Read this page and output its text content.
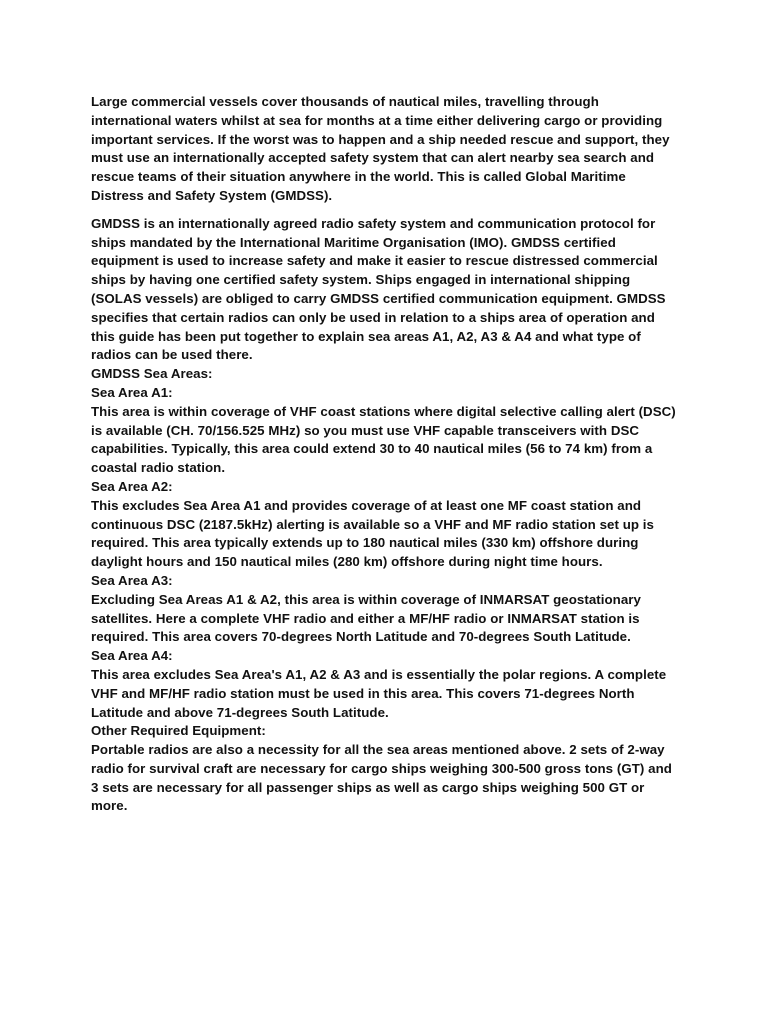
Large commercial vessels cover thousands of nautical miles, travelling through international waters whilst at sea for months at a time either delivering cargo or providing important services. If the worst was to happen and a ship needed rescue and support, they must use an internationally accepted safety system that can alert nearby sea search and rescue teams of their situation anywhere in the world. This is called Global Maritime Distress and Safety System (GMDSS).

GMDSS is an internationally agreed radio safety system and communication protocol for ships mandated by the International Maritime Organisation (IMO). GMDSS certified equipment is used to increase safety and make it easier to rescue distressed commercial ships by having one certified safety system. Ships engaged in international shipping (SOLAS vessels) are obliged to carry GMDSS certified communication equipment. GMDSS specifies that certain radios can only be used in relation to a ships area of operation and this guide has been put together to explain sea areas A1, A2, A3 & A4 and what type of radios can be used there.

GMDSS Sea Areas:

Sea Area A1:

This area is within coverage of VHF coast stations where digital selective calling alert (DSC) is available (CH. 70/156.525 MHz) so you must use VHF capable transceivers with DSC capabilities. Typically, this area could extend 30 to 40 nautical miles (56 to 74 km) from a coastal radio station.

Sea Area A2:

This excludes Sea Area A1 and provides coverage of at least one MF coast station and continuous DSC (2187.5kHz) alerting is available so a VHF and MF radio station set up is required. This area typically extends up to 180 nautical miles (330 km) offshore during daylight hours and 150 nautical miles (280 km) offshore during night time hours.

Sea Area A3:

Excluding Sea Areas A1 & A2, this area is within coverage of INMARSAT geostationary satellites. Here a complete VHF radio and either a MF/HF radio or INMARSAT station is required. This area covers 70-degrees North Latitude and 70-degrees South Latitude.

Sea Area A4:

This area excludes Sea Area's A1, A2 & A3 and is essentially the polar regions. A complete VHF and MF/HF radio station must be used in this area. This covers 71-degrees North Latitude and above 71-degrees South Latitude.

Other Required Equipment:

Portable radios are also a necessity for all the sea areas mentioned above. 2 sets of 2-way radio for survival craft are necessary for cargo ships weighing 300-500 gross tons (GT) and 3 sets are necessary for all passenger ships as well as cargo ships weighing 500 GT or more.
